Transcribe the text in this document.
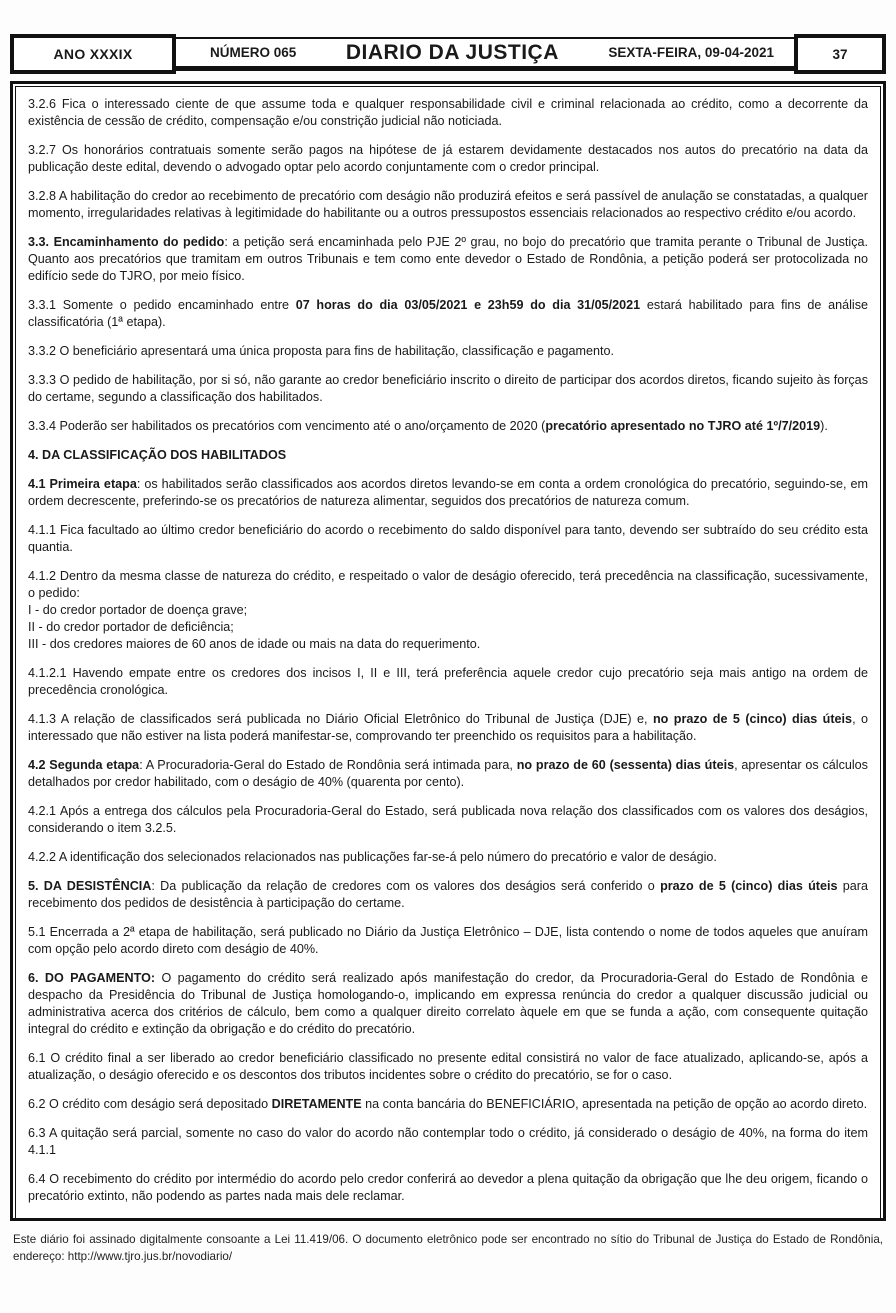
ANO XXXIX	NÚMERO 065 DIARIO DA JUSTIÇA	SEXTA-FEIRA, 09-04-2021	37

3.2.6 Fica o interessado ciente de que assume toda e qualquer responsabilidade civil e criminal relacionada ao crédito, como a decorrente da existência de cessão de crédito, compensação e/ou constrição judicial não noticiada.

3.2.7 Os honorários contratuais somente serão pagos na hipótese de já estarem devidamente destacados nos autos do precatório na data da publicação deste edital, devendo o advogado optar pelo acordo conjuntamente com o credor principal.

3.2.8 A habilitação do credor ao recebimento de precatório com deságio não produzirá efeitos e será passível de anulação se constatadas, a qualquer momento, irregularidades relativas à legitimidade do habilitante ou a outros pressupostos essenciais relacionados ao respectivo crédito e/ou acordo.

3.3. Encaminhamento do pedido: a petição será encaminhada pelo PJE 2º grau, no bojo do precatório que tramita perante o Tribunal de Justiça. Quanto aos precatórios que tramitam em outros Tribunais e tem como ente devedor o Estado de Rondônia, a petição poderá ser protocolizada no edifício sede do TJRO, por meio físico.

3.3.1 Somente o pedido encaminhado entre 07 horas do dia 03/05/2021 e 23h59 do dia 31/05/2021 estará habilitado para fins de análise classificatória (1ª etapa).

3.3.2 O beneficiário apresentará uma única proposta para fins de habilitação, classificação e pagamento.

3.3.3 O pedido de habilitação, por si só, não garante ao credor beneficiário inscrito o direito de participar dos acordos diretos, ficando sujeito às forças do certame, segundo a classificação dos habilitados.

3.3.4 Poderão ser habilitados os precatórios com vencimento até o ano/orçamento de 2020 (precatório apresentado no TJRO até 1º/7/2019).

4. DA CLASSIFICAÇÃO DOS HABILITADOS

4.1 Primeira etapa: os habilitados serão classificados aos acordos diretos levando-se em conta a ordem cronológica do precatório, seguindo-se, em ordem decrescente, preferindo-se os precatórios de natureza alimentar, seguidos dos precatórios de natureza comum.

4.1.1 Fica facultado ao último credor beneficiário do acordo o recebimento do saldo disponível para tanto, devendo ser subtraído do seu crédito esta quantia.

4.1.2 Dentro da mesma classe de natureza do crédito, e respeitado o valor de deságio oferecido, terá precedência na classificação, sucessivamente, o pedido:

I - do credor portador de doença grave;

II - do credor portador de deficiência;

III - dos credores maiores de 60 anos de idade ou mais na data do requerimento.

4.1.2.1 Havendo empate entre os credores dos incisos I, II e III, terá preferência aquele credor cujo precatório seja mais antigo na ordem de precedência cronológica.

4.1.3 A relação de classificados será publicada no Diário Oficial Eletrônico do Tribunal de Justiça (DJE) e, no prazo de 5 (cinco) dias úteis, o interessado que não estiver na lista poderá manifestar-se, comprovando ter preenchido os requisitos para a habilitação.

4.2 Segunda etapa: A Procuradoria-Geral do Estado de Rondônia será intimada para, no prazo de 60 (sessenta) dias úteis, apresentar os cálculos detalhados por credor habilitado, com o deságio de 40% (quarenta por cento).

4.2.1 Após a entrega dos cálculos pela Procuradoria-Geral do Estado, será publicada nova relação dos classificados com os valores dos deságios, considerando o item 3.2.5.

4.2.2 A identificação dos selecionados relacionados nas publicações far-se-á pelo número do precatório e valor de deságio.

5. DA DESISTÊNCIA: Da publicação da relação de credores com os valores dos deságios será conferido o prazo de 5 (cinco) dias úteis para recebimento dos pedidos de desistência à participação do certame.

5.1 Encerrada a 2ª etapa de habilitação, será publicado no Diário da Justiça Eletrônico – DJE, lista contendo o nome de todos aqueles que anuíram com opção pelo acordo direto com deságio de 40%.

6. DO PAGAMENTO: O pagamento do crédito será realizado após manifestação do credor, da Procuradoria-Geral do Estado de Rondônia e despacho da Presidência do Tribunal de Justiça homologando-o, implicando em expressa renúncia do credor a qualquer discussão judicial ou administrativa acerca dos critérios de cálculo, bem como a qualquer direito correlato àquele em que se funda a ação, com consequente quitação integral do crédito e extinção da obrigação e do crédito do precatório.

6.1 O crédito final a ser liberado ao credor beneficiário classificado no presente edital consistirá no valor de face atualizado, aplicando-se, após a atualização, o deságio oferecido e os descontos dos tributos incidentes sobre o crédito do precatório, se for o caso.

6.2 O crédito com deságio será depositado DIRETAMENTE na conta bancária do BENEFICIÁRIO, apresentada na petição de opção ao acordo direto.

6.3 A quitação será parcial, somente no caso do valor do acordo não contemplar todo o crédito, já considerado o deságio de 40%, na forma do item 4.1.1

6.4 O recebimento do crédito por intermédio do acordo pelo credor conferirá ao devedor a plena quitação da obrigação que lhe deu origem, ficando o precatório extinto, não podendo as partes nada mais dele reclamar.

Este diário foi assinado digitalmente consoante a Lei 11.419/06. O documento eletrônico pode ser encontrado no sítio do Tribunal de Justiça do Estado de Rondônia, endereço: http://www.tjro.jus.br/novodiario/
